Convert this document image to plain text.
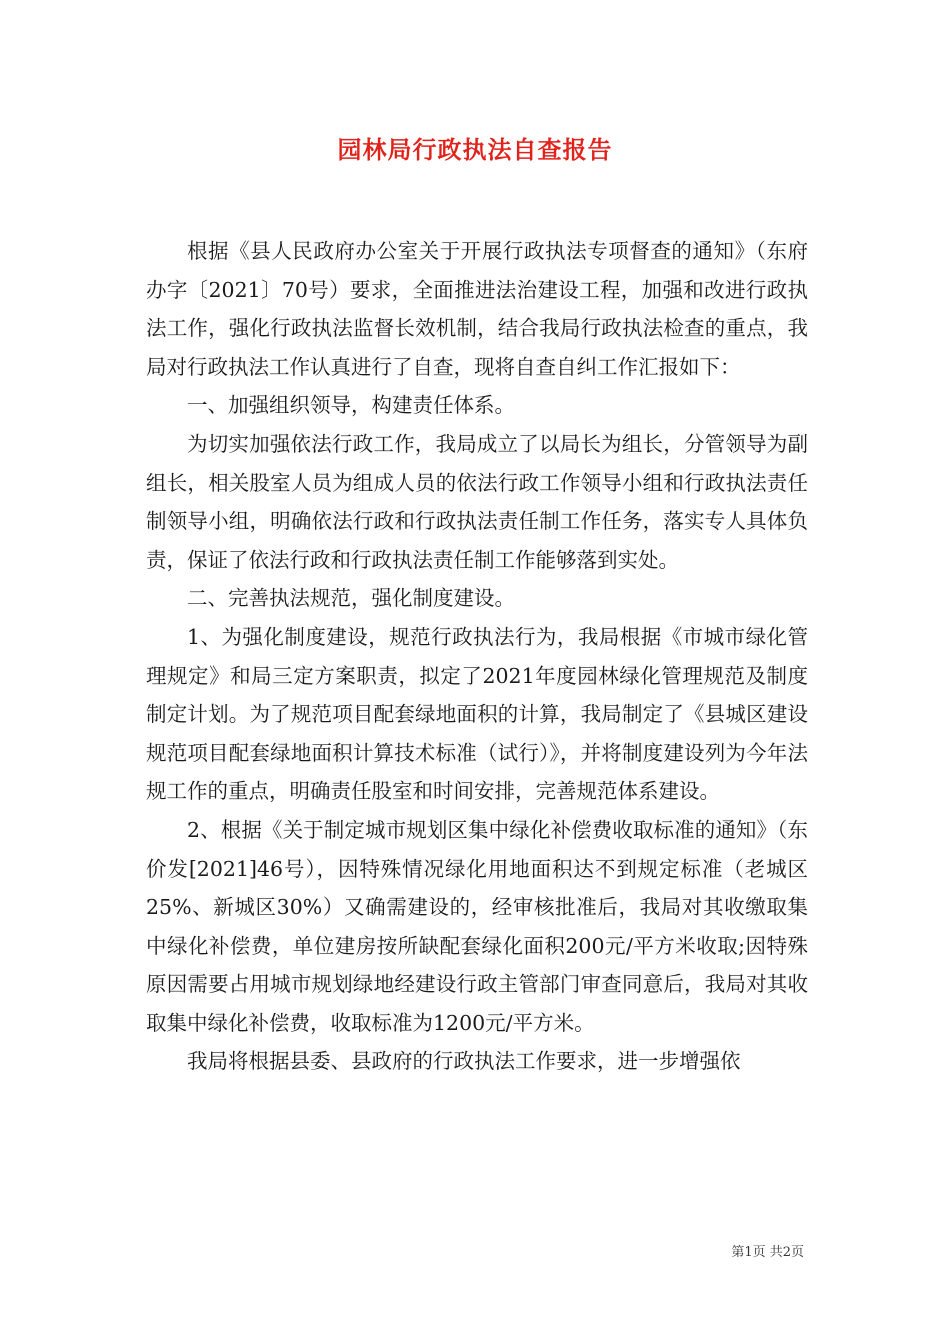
园林局行政执法自查报告

根据《县人民政府办公室关于开展行政执法专项督查的通知》（东府办字〔2021〕70号）要求，全面推进法治建设工程，加强和改进行政执法工作，强化行政执法监督长效机制，结合我局行政执法检查的重点，我局对行政执法工作认真进行了自查，现将自查自纠工作汇报如下：

一、加强组织领导，构建责任体系。

为切实加强依法行政工作，我局成立了以局长为组长，分管领导为副组长，相关股室人员为组成人员的依法行政工作领导小组和行政执法责任制领导小组，明确依法行政和行政执法责任制工作任务，落实专人具体负责，保证了依法行政和行政执法责任制工作能够落到实处。

二、完善执法规范，强化制度建设。

1、为强化制度建设，规范行政执法行为，我局根据《市城市绿化管理规定》和局三定方案职责，拟定了2021年度园林绿化管理规范及制度制定计划。为了规范项目配套绿地面积的计算，我局制定了《县城区建设规范项目配套绿地面积计算技术标准（试行）》，并将制度建设列为今年法规工作的重点，明确责任股室和时间安排，完善规范体系建设。

2、根据《关于制定城市规划区集中绿化补偿费收取标准的通知》（东价发[2021]46号），因特殊情况绿化用地面积达不到规定标准（老城区25%、新城区30%）又确需建设的，经审核批准后，我局对其收缴取集中绿化补偿费，单位建房按所缺配套绿化面积200元/平方米收取;因特殊原因需要占用城市规划绿地经建设行政主管部门审查同意后，我局对其收取集中绿化补偿费，收取标准为1200元/平方米。

我局将根据县委、县政府的行政执法工作要求，进一步增强依

第1页 共2页
